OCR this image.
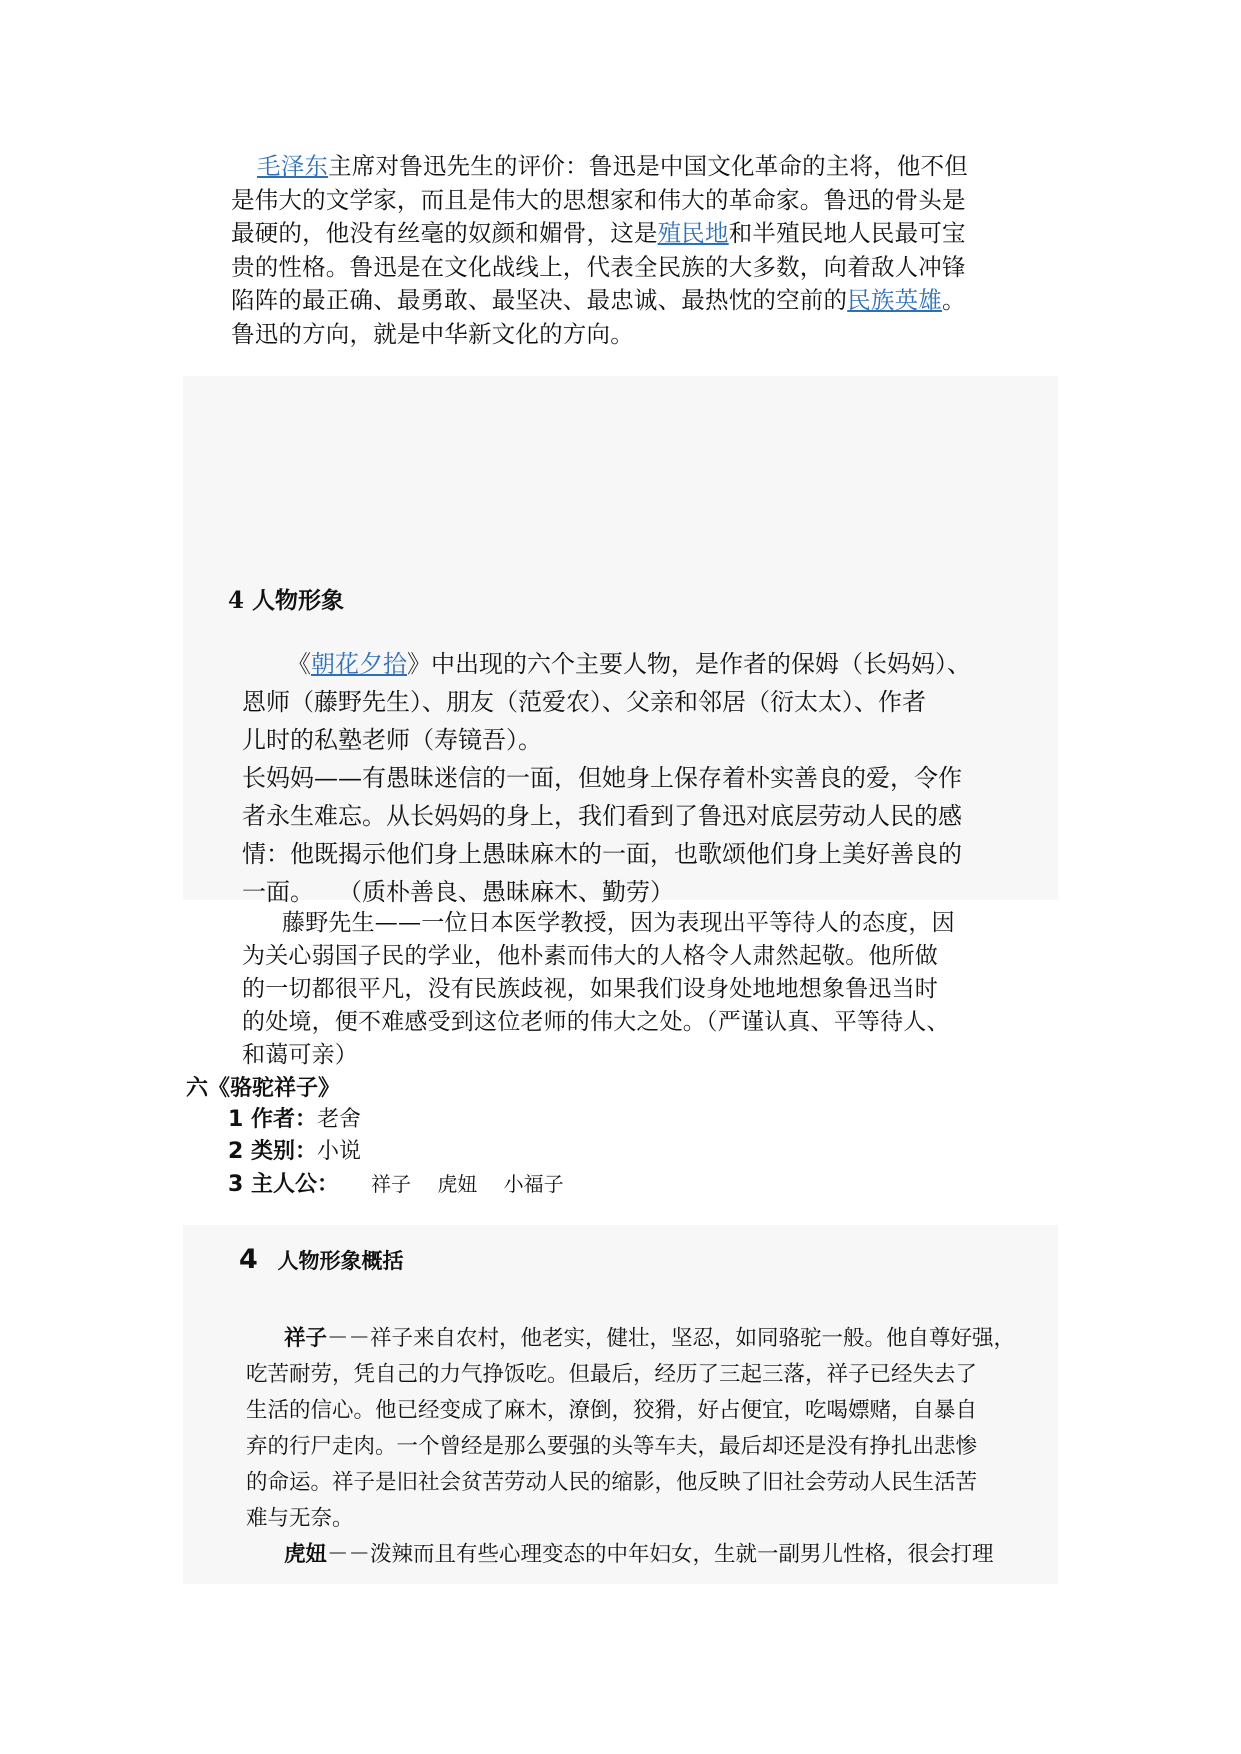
毛泽东主席对鲁迅先生的评价：鲁迅是中国文化革命的主将，他不但
是伟大的文学家，而且是伟大的思想家和伟大的革命家。鲁迅的骨头是
最硬的，他没有丝毫的奴颜和媚骨，这是殖民地和半殖民地人民最可宝
贵的性格。鲁迅是在文化战线上，代表全民族的大多数，向着敌人冲锋
陷阵的最正确、最勇敢、最坚决、最忠诚、最热忱的空前的民族英雄。
鲁迅的方向，就是中华新文化的方向。
4 人物形象
《朝花夕拾》中出现的六个主要人物，是作者的保姆（长妈妈）、
恩师（藤野先生）、朋友（范爱农）、父亲和邻居（衍太太）、作者
儿时的私塾老师（寿镜吾）。
长妈妈——有愚昧迷信的一面，但她身上保存着朴实善良的爱，令作
者永生难忘。从长妈妈的身上，我们看到了鲁迅对底层劳动人民的感
情：他既揭示他们身上愚昧麻木的一面，也歌颂他们身上美好善良的
一面。　　（质朴善良、愚昧麻木、勤劳）
藤野先生——一位日本医学教授，因为表现出平等待人的态度，因
为关心弱国子民的学业，他朴素而伟大的人格令人肃然起敬。他所做
的一切都很平凡，没有民族歧视，如果我们设身处地地想象鲁迅当时
的处境，便不难感受到这位老师的伟大之处。（严谨认真、平等待人、
和蔼可亲）
六《骆驼祥子》
1 作者：老舍
2 类别：小说
3 主人公： 祥子　 虎妞　 小福子
4 人物形象概括
祥子－－祥子来自农村，他老实，健壮，坚忍，如同骆驼一般。他自尊好强，
吃苦耐劳，凭自己的力气挣饭吃。但最后，经历了三起三落，祥子已经失去了
生活的信心。他已经变成了麻木，潦倒，狡猾，好占便宜，吃喝嫖赌，自暴自
弃的行尸走肉。一个曾经是那么要强的头等车夫，最后却还是没有挣扎出悲惨
的命运。祥子是旧社会贫苦劳动人民的缩影，他反映了旧社会劳动人民生活苦
难与无奈。
虎妞－－泼辣而且有些心理变态的中年妇女，生就一副男儿性格，很会打理
